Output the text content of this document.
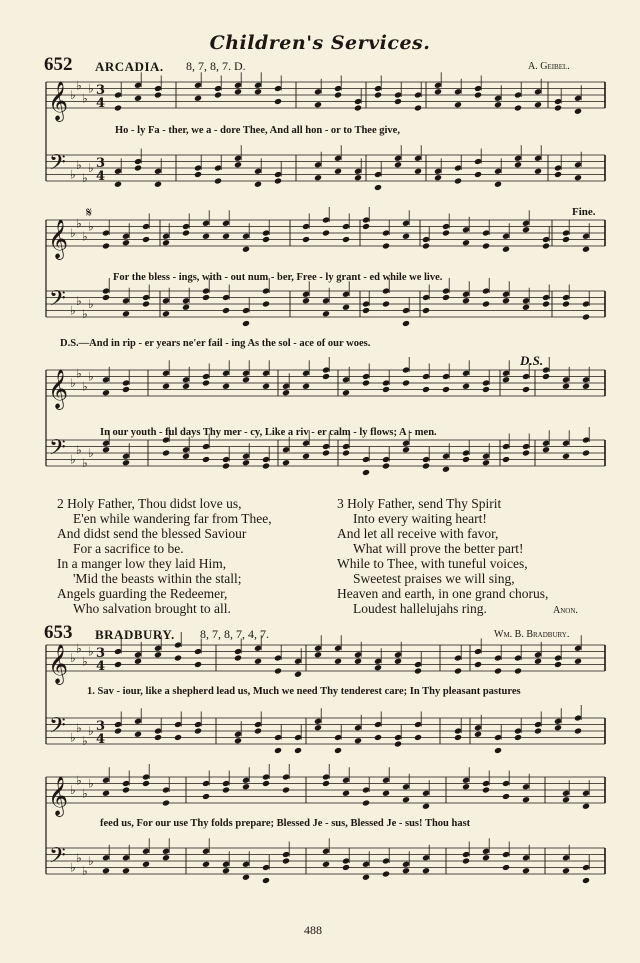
Children's Services.
652 ARCADIA. 8, 7, 8, 7. D.	A. Geibel.
𝄞
𝄢
♭
♭
♭
♭
♭
♭
♭
♭
3
4
3
4
𝄞
𝄢
♭
♭
♭
♭
♭
♭
♭
♭
𝄋
𝄞
𝄢
♭
♭
♭
♭
♭
♭
♭
♭
𝄞
𝄢
♭
♭
♭
♭
♭
♭
♭
♭
3
4
3
4
𝄞
𝄢
♭
♭
♭
♭
♭
♭
♭
♭
Ho - ly Fa - ther, we a - dore Thee, And all hon - or to Thee give,
For the bless - ings, with - out num - ber, Free - ly grant - ed while we live.
D.S.—And in rip - er years ne'er fail - ing As the sol - ace of our woes.
In our youth - ful days Thy mer - cy, Like a riv - er calm - ly flows; A - men.
Fine.
D.S.
2 Holy Father, Thou didst love us,
E'en while wandering far from Thee,
And didst send the blessed Saviour
For a sacrifice to be.
In a manger low they laid Him,
'Mid the beasts within the stall;
Angels guarding the Redeemer,
Who salvation brought to all.
3 Holy Father, send Thy Spirit
Into every waiting heart!
And let all receive with favor,
What will prove the better part!
While to Thee, with tuneful voices,
Sweetest praises we will sing,
Heaven and earth, in one grand chorus,
Loudest hallelujahs ring.	Anon.
653 BRADBURY. 8, 7, 8, 7, 4, 7.	Wm. B. Bradbury.
1. Sav - iour, like a shepherd lead us, Much we need Thy tenderest care; In Thy pleasant pastures
feed us, For our use Thy folds prepare; Blessed Je - sus, Blessed Je - sus! Thou hast
488
